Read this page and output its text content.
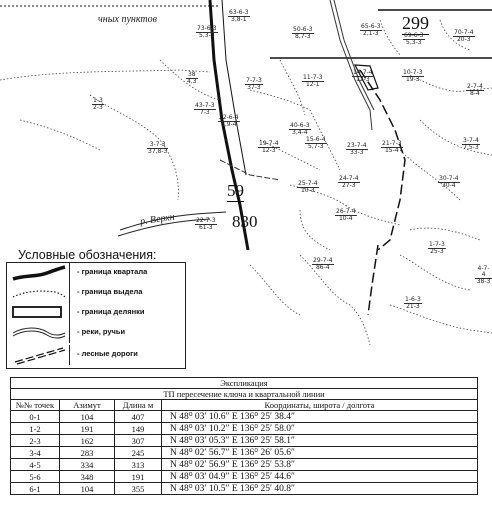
чных пунктов
р. Верхн
59
830
299
73-6-3
5,3-3
63-6-3
3,8-1
50-6-3
8,7-3
65-6-3
2,1-3	69-6-3
5,3-3
70-7-4
20-3
38
4,3	7-7-3
37-3
11-7-3
12-1
14-7-4
12-3
10-7-3
19-3
2-7-4
8-4
1-3
2-3	43-7-3
7-3
22-6-4
8,9-4	40-6-3
3,4-4
3-7-3
37,8-3
19-7-4
12-3
15-6-4
5,7-3	23-7-4
33-3
21-7-3
15-4
3-7-4
7,5-3
25-7-4
10-3
24-7-4
27-3
30-7-4
30-4
26-7-4
10-4
22-7-3
61-3
29-7-4
86-4
1-7-3
25-3
4-7-4
38-3
1-6-3
21-3
Условные обозначения:
- граница квартала
- граница выдела
- граница делянки
- реки, ручьи
- лесные дороги
Экспликация			
ТП пересечение ключа и квартальной линии			
№№ точек	Азимут	Длина м	Координаты, широта / долгота
0-1	104	407	N 48⁰ 03′ 10.6″ E 136⁰ 25′ 38.4″
1-2	191	149	N 48⁰ 03′ 10.2″ E 136⁰ 25′ 58.0″
2-3	162	307	N 48⁰ 03′ 05.3″ E 136⁰ 25′ 58.1″
3-4	283	245	N 48⁰ 02′ 56.7″ E 136⁰ 26′ 05.6″
4-5	334	313	N 48⁰ 02′ 56.9″ E 136⁰ 25′ 53.8″
5-6	348	191	N 48⁰ 03′ 04.9″ E 136⁰ 25′ 44.6″
6-1	104	355	N 48⁰ 03′ 10.5″ E 136⁰ 25′ 40.8″
